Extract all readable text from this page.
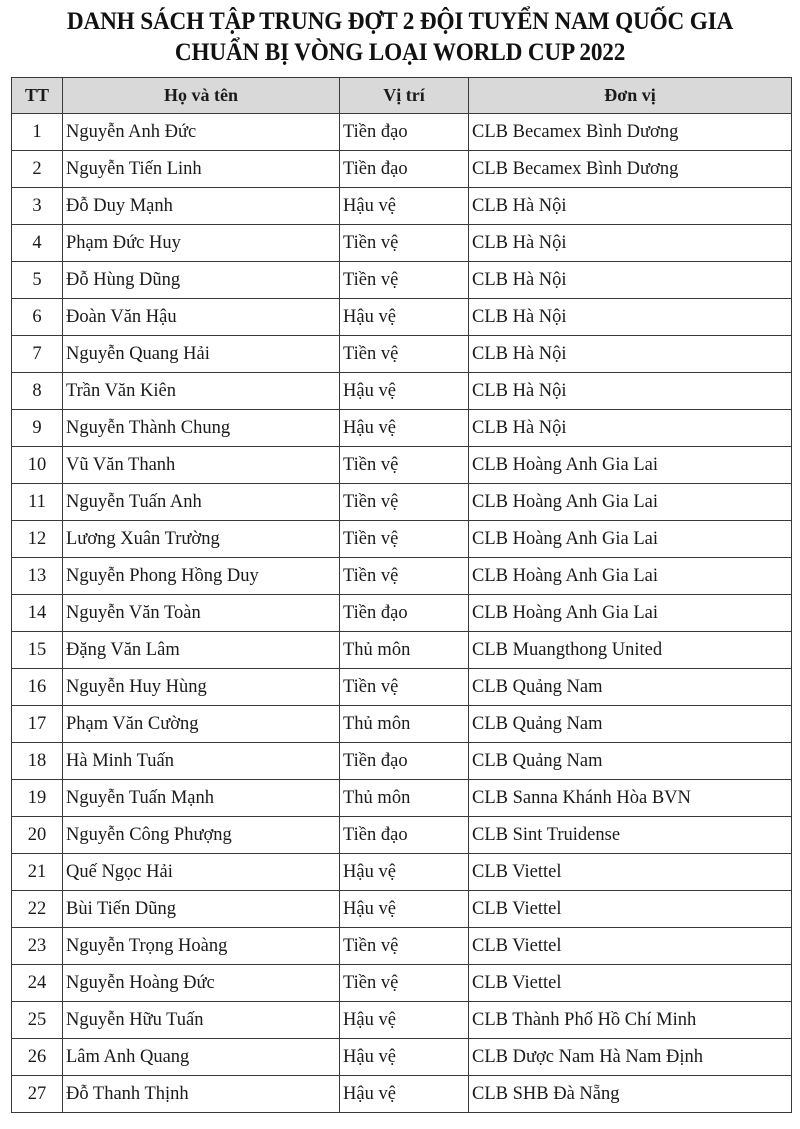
DANH SÁCH TẬP TRUNG ĐỢT 2 ĐỘI TUYỂN NAM QUỐC GIA
CHUẨN BỊ VÒNG LOẠI WORLD CUP 2022
TT	Họ và tên	Vị trí	Đơn vị
1	Nguyễn Anh Đức	Tiền đạo	CLB Becamex Bình Dương
2	Nguyễn Tiến Linh	Tiền đạo	CLB Becamex Bình Dương
3	Đỗ Duy Mạnh	Hậu vệ	CLB Hà Nội
4	Phạm Đức Huy	Tiền vệ	CLB Hà Nội
5	Đỗ Hùng Dũng	Tiền vệ	CLB Hà Nội
6	Đoàn Văn Hậu	Hậu vệ	CLB Hà Nội
7	Nguyễn Quang Hải	Tiền vệ	CLB Hà Nội
8	Trần Văn Kiên	Hậu vệ	CLB Hà Nội
9	Nguyễn Thành Chung	Hậu vệ	CLB Hà Nội
10	Vũ Văn Thanh	Tiền vệ	CLB Hoàng Anh Gia Lai
11	Nguyễn Tuấn Anh	Tiền vệ	CLB Hoàng Anh Gia Lai
12	Lương Xuân Trường	Tiền vệ	CLB Hoàng Anh Gia Lai
13	Nguyễn Phong Hồng Duy	Tiền vệ	CLB Hoàng Anh Gia Lai
14	Nguyễn Văn Toàn	Tiền đạo	CLB Hoàng Anh Gia Lai
15	Đặng Văn Lâm	Thủ môn	CLB Muangthong United
16	Nguyễn Huy Hùng	Tiền vệ	CLB Quảng Nam
17	Phạm Văn Cường	Thủ môn	CLB Quảng Nam
18	Hà Minh Tuấn	Tiền đạo	CLB Quảng Nam
19	Nguyễn Tuấn Mạnh	Thủ môn	CLB Sanna Khánh Hòa BVN
20	Nguyễn Công Phượng	Tiền đạo	CLB Sint Truidense
21	Quế Ngọc Hải	Hậu vệ	CLB Viettel
22	Bùi Tiến Dũng	Hậu vệ	CLB Viettel
23	Nguyễn Trọng Hoàng	Tiền vệ	CLB Viettel
24	Nguyễn Hoàng Đức	Tiền vệ	CLB Viettel
25	Nguyễn Hữu Tuấn	Hậu vệ	CLB Thành Phố Hồ Chí Minh
26	Lâm Anh Quang	Hậu vệ	CLB Dược Nam Hà Nam Định
27	Đỗ Thanh Thịnh	Hậu vệ	CLB SHB Đà Nẵng
